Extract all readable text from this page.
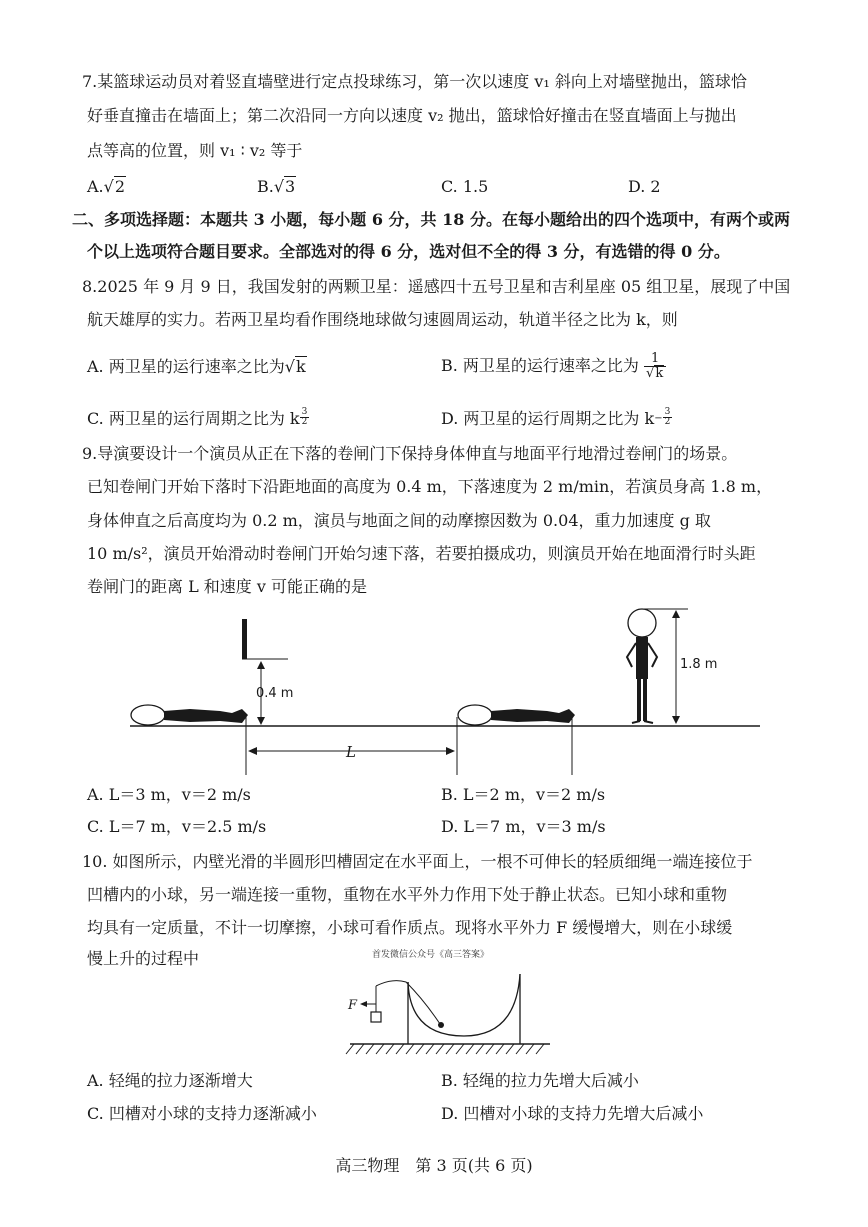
7.某篮球运动员对着竖直墙壁进行定点投球练习，第一次以速度 v₁ 斜向上对墙壁抛出，篮球恰
好垂直撞击在墙面上；第二次沿同一方向以速度 v₂ 抛出，篮球恰好撞击在竖直墙面上与抛出
点等高的位置，则 v₁ ∶ v₂ 等于
A.√2	B.√3	C. 1.5	D. 2
二、多项选择题：本题共 3 小题，每小题 6 分，共 18 分。在每小题给出的四个选项中，有两个或两
个以上选项符合题目要求。全部选对的得 6 分，选对但不全的得 3 分，有选错的得 0 分。
8.2025 年 9 月 9 日，我国发射的两颗卫星：遥感四十五号卫星和吉利星座 05 组卫星，展现了中国
航天雄厚的实力。若两卫星均看作围绕地球做匀速圆周运动，轨道半径之比为 k，则
A. 两卫星的运行速率之比为√k	B. 两卫星的运行速率之比为 $\frac{1}{√k}$
C. 两卫星的运行周期之比为 k $\frac{3}{2}$	D. 两卫星的运行周期之比为 $k^- \frac{3}{2}$
9.导演要设计一个演员从正在下落的卷闸门下保持身体伸直与地面平行地滑过卷闸门的场景。
已知卷闸门开始下落时下沿距地面的高度为 0.4 m，下落速度为 2 m/min，若演员身高 1.8 m，
身体伸直之后高度均为 0.2 m，演员与地面之间的动摩擦因数为 0.04，重力加速度 g 取
10 m/s²，演员开始滑动时卷闸门开始匀速下落，若要拍摄成功，则演员开始在地面滑行时头距
卷闸门的距离 L 和速度 v 可能正确的是
0.4 m
L
1.8 m
A. L＝3 m，v＝2 m/s	B. L＝2 m，v＝2 m/s
C. L＝7 m，v＝2.5 m/s	D. L＝7 m，v＝3 m/s
10. 如图所示，内壁光滑的半圆形凹槽固定在水平面上，一根不可伸长的轻质细绳一端连接位于
凹槽内的小球，另一端连接一重物，重物在水平外力作用下处于静止状态。已知小球和重物
均具有一定质量，不计一切摩擦，小球可看作质点。现将水平外力 F 缓慢增大，则在小球缓
慢上升的过程中	首发微信公众号《高三答案》
F
A. 轻绳的拉力逐渐增大	B. 轻绳的拉力先增大后减小
C. 凹槽对小球的支持力逐渐减小	D. 凹槽对小球的支持力先增大后减小
高三物理　第 3 页(共 6 页)
